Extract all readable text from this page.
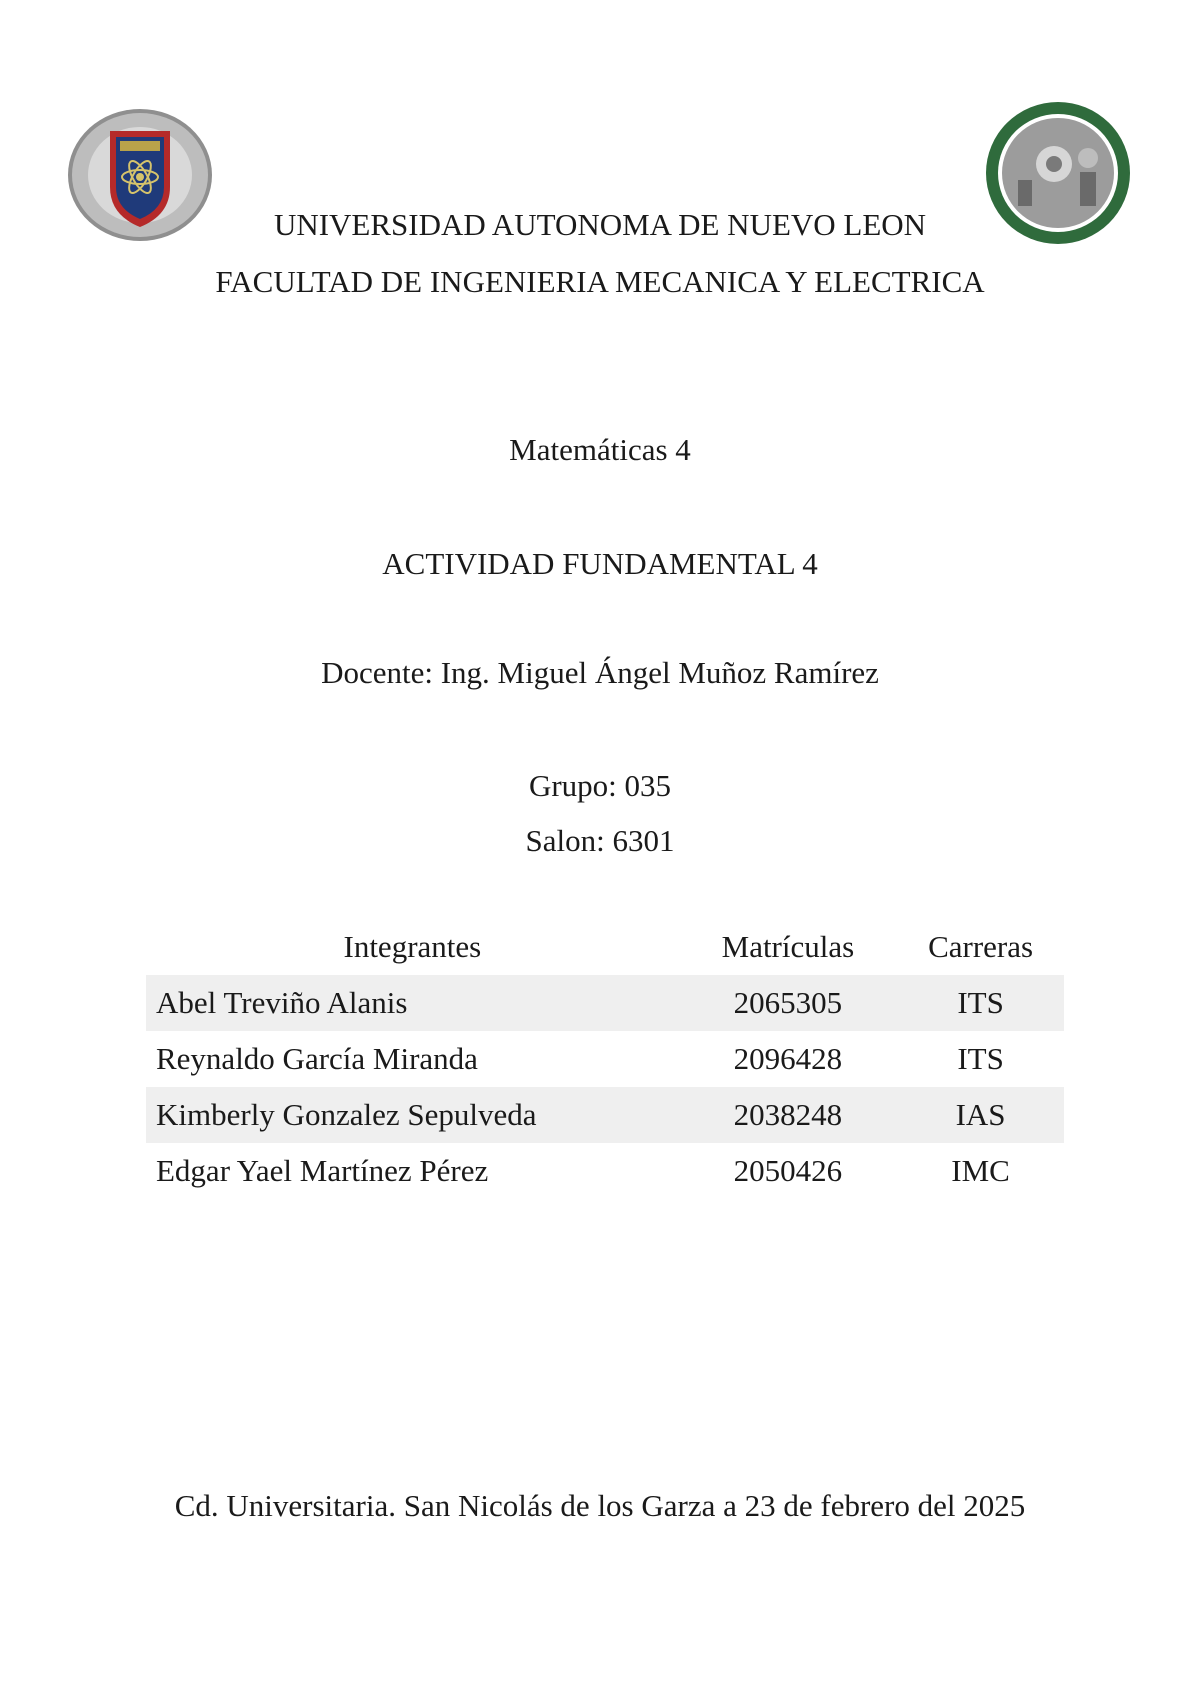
UNIVERSIDAD AUTONOMA DE NUEVO LEON
FACULTAD DE INGENIERIA MECANICA Y ELECTRICA
Matemáticas 4
ACTIVIDAD FUNDAMENTAL 4
Docente: Ing. Miguel Ángel Muñoz Ramírez
Grupo: 035
Salon: 6301
Integrantes	Matrículas	Carreras
Abel Treviño Alanis	2065305	ITS
Reynaldo García Miranda	2096428	ITS
Kimberly Gonzalez Sepulveda	2038248	IAS
Edgar Yael Martínez Pérez	2050426	IMC
Cd. Universitaria. San Nicolás de los Garza a 23 de febrero del 2025
